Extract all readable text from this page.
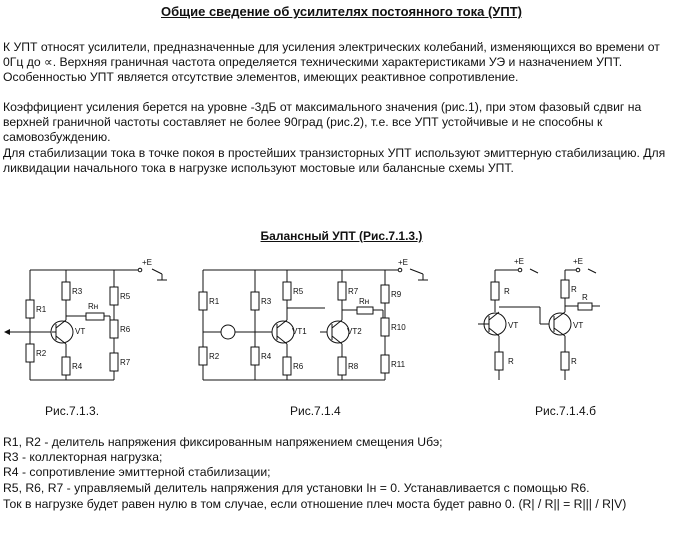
Общие сведение об усилителях постоянного тока (УПТ)

К УПТ относят усилители, предназначенные для усиления электрических колебаний, изменяющихся во времени от 0Гц до ∝. Верхняя граничная частота определяется техническими характеристиками УЭ и назначением УПТ. Особенностью УПТ является отсутствие элементов, имеющих реактивное сопротивление.

Коэффициент усиления берется на уровне -3дБ от максимального значения (рис.1), при этом фазовый сдвиг на верхней граничной частоты составляет не более 90град (рис.2), т.е. все УПТ устойчивые и не способны к самовозбуждению.

Для стабилизации тока в точке покоя в простейших транзисторных УПТ используют эмиттерную стабилизацию. Для ликвидации начального тока в нагрузке используют мостовые или балансные схемы УПТ.

Балансный УПТ (Рис.7.1.3.)
+E
R1
R2
VT
R3
R4
Rн
R5
R6
R7
Рис.7.1.3.
+E
R1
R2
R3
R4
VT1
R5
R6
VT2
R7
R8
Rн
R9
R10
R11
Рис.7.1.4
+E
R
VT
R
+E
R
R
VT
R
Рис.7.1.4.б

R1, R2 - делитель напряжения фиксированным напряжением смещения Uбэ;

R3 - коллекторная нагрузка;

R4 - сопротивление эмиттерной стабилизации;

R5, R6, R7 - управляемый делитель напряжения для установки Iн = 0. Устанавливается с помощью R6.

Ток в нагрузке будет равен нулю в том случае, если отношение плеч моста будет равно 0. (R| / R|| = R||| / R|V)
